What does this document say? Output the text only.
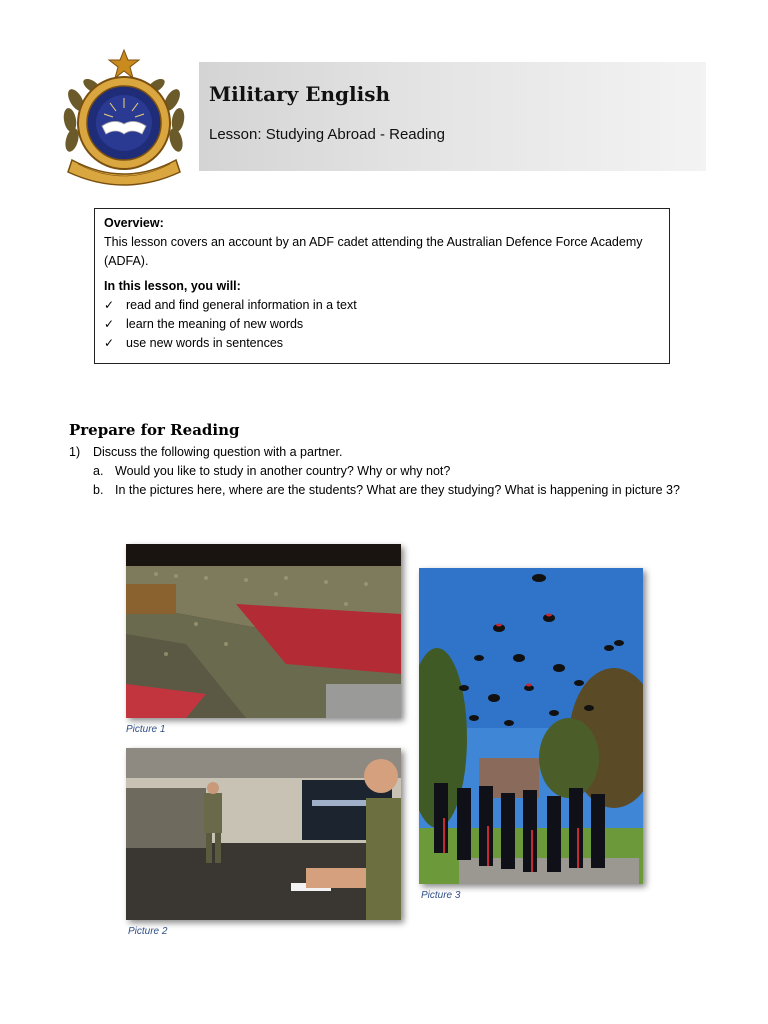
Military English

Lesson: Studying Abroad - Reading

Overview:

This lesson covers an account by an ADF cadet attending the Australian Defence Force Academy (ADFA).

In this lesson, you will:

✓ read and find general information in a text
✓ learn the meaning of new words
✓ use new words in sentences
Prepare for Reading
1) Discuss the following question with a partner.
a. Would you like to study in another country? Why or why not?
b. In the pictures here, where are the students? What are they studying? What is happening in picture 3?
Picture 1
Picture 2
Picture 3
